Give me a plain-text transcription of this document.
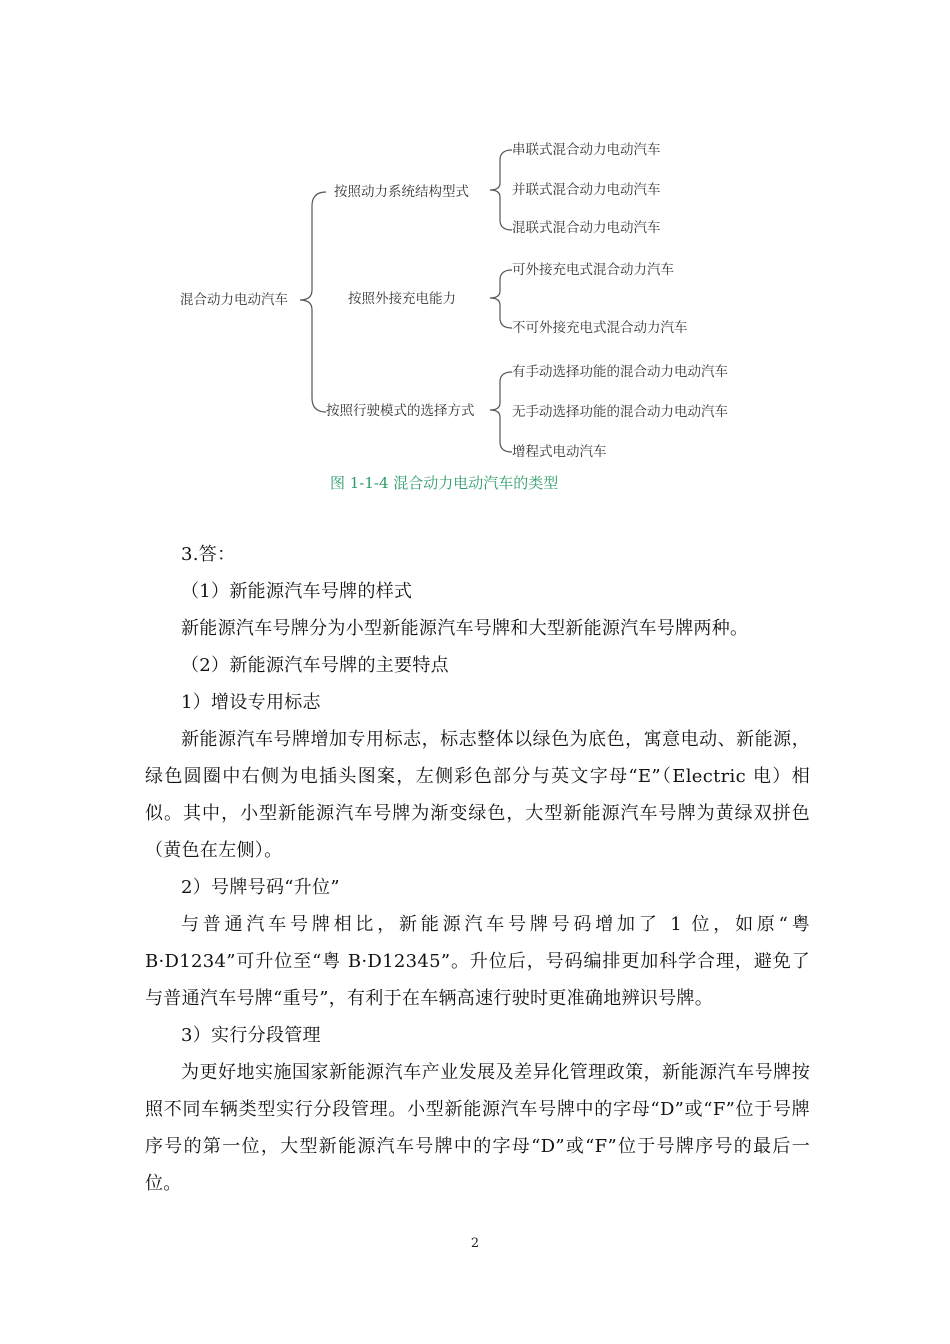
混合动力电动汽车
按照动力系统结构型式
按照外接充电能力
按照行驶模式的选择方式
串联式混合动力电动汽车
并联式混合动力电动汽车
混联式混合动力电动汽车
可外接充电式混合动力汽车
不可外接充电式混合动力汽车
有手动选择功能的混合动力电动汽车
无手动选择功能的混合动力电动汽车
增程式电动汽车
图 1-1-4 混合动力电动汽车的类型

3.答：

（1）新能源汽车号牌的样式

新能源汽车号牌分为小型新能源汽车号牌和大型新能源汽车号牌两种。

（2）新能源汽车号牌的主要特点

1）增设专用标志

新能源汽车号牌增加专用标志，标志整体以绿色为底色，寓意电动、新能源，绿色圆圈中右侧为电插头图案，左侧彩色部分与英文字母“E”（Electric 电）相似。其中，小型新能源汽车号牌为渐变绿色，大型新能源汽车号牌为黄绿双拼色（黄色在左侧）。

2）号牌号码“升位”

与普通汽车号牌相比，新能源汽车号牌号码增加了 1 位，如原“粤 B·D1234”可升位至“粤 B·D12345”。升位后，号码编排更加科学合理，避免了与普通汽车号牌“重号”，有利于在车辆高速行驶时更准确地辨识号牌。

3）实行分段管理

为更好地实施国家新能源汽车产业发展及差异化管理政策，新能源汽车号牌按照不同车辆类型实行分段管理。小型新能源汽车号牌中的字母“D”或“F”位于号牌序号的第一位，大型新能源汽车号牌中的字母“D”或“F”位于号牌序号的最后一位。

2
